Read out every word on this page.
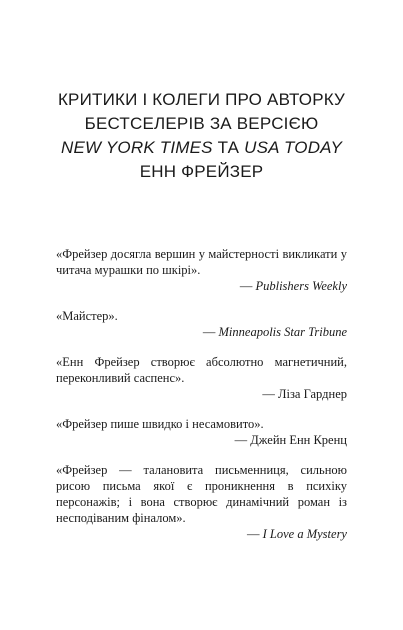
КРИТИКИ І КОЛЕГИ ПРО АВТОРКУ
БЕСТСЕЛЕРІВ ЗА ВЕРСІЄЮ
NEW YORK TIMES ТА USA TODAY
ЕНН ФРЕЙЗЕР
«Фрейзер досягла вершин у майстерності викликати у читача мурашки по шкірі».
— Publishers Weekly
«Майстер».
— Minneapolis Star Tribune
«Енн Фрейзер створює абсолютно магнетичний, переконливий саспенс».
— Ліза Гарднер
«Фрейзер пише швидко і несамовито».
— Джейн Енн Кренц
«Фрейзер — талановита письменниця, сильною рисою письма якої є проникнення в психіку персонажів; і вона створює динамічний роман із несподіваним фіналом».
— I Love a Mystery
